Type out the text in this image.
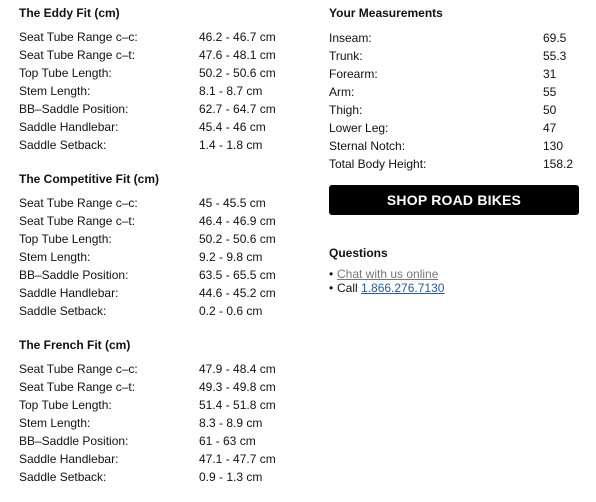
The Eddy Fit (cm)
Seat Tube Range c–c:	46.2 - 46.7 cm
Seat Tube Range c–t:	47.6 - 48.1 cm
Top Tube Length:	50.2 - 50.6 cm
Stem Length:	8.1 - 8.7 cm
BB–Saddle Position:	62.7 - 64.7 cm
Saddle Handlebar:	45.4 - 46 cm
Saddle Setback:	1.4 - 1.8 cm
The Competitive Fit (cm)
Seat Tube Range c–c:	45 - 45.5 cm
Seat Tube Range c–t:	46.4 - 46.9 cm
Top Tube Length:	50.2 - 50.6 cm
Stem Length:	9.2 - 9.8 cm
BB–Saddle Position:	63.5 - 65.5 cm
Saddle Handlebar:	44.6 - 45.2 cm
Saddle Setback:	0.2 - 0.6 cm
The French Fit (cm)
Seat Tube Range c–c:	47.9 - 48.4 cm
Seat Tube Range c–t:	49.3 - 49.8 cm
Top Tube Length:	51.4 - 51.8 cm
Stem Length:	8.3 - 8.9 cm
BB–Saddle Position:	61 - 63 cm
Saddle Handlebar:	47.1 - 47.7 cm
Saddle Setback:	0.9 - 1.3 cm
Your Measurements
Inseam:	69.5
Trunk:	55.3
Forearm:	31
Arm:	55
Thigh:	50
Lower Leg:	47
Sternal Notch:	130
Total Body Height:	158.2
SHOP ROAD BIKES
Questions
• Chat with us online
• Call 1.866.276.7130
